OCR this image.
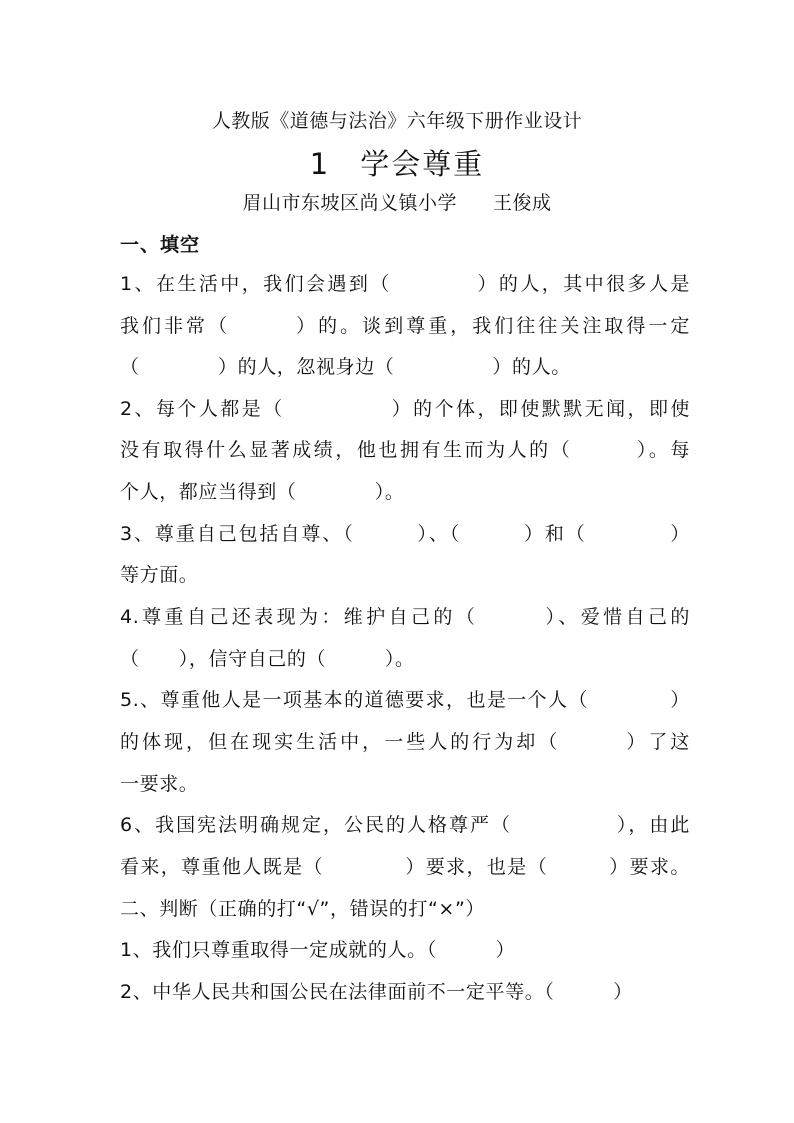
人教版《道德与法治》六年级下册作业设计
1 学会尊重
眉山市东坡区尚义镇小学 王俊成
一、填空
1、在生活中，我们会遇到（　　　　）的人，其中很多人是
我们非常（　　　）的。谈到尊重，我们往往关注取得一定
（　　　　）的人，忽视身边（　　　　　）的人。
2、每个人都是（　　　　　）的个体，即使默默无闻，即使
没有取得什么显著成绩，他也拥有生而为人的（　　　）。每
个人，都应当得到（　　　　）。
3、尊重自己包括自尊、（　　　）、（　　　）和（　　　　）
等方面。
4.尊重自己还表现为：维护自己的（　　　）、爱惜自己的
（　　），信守自己的（　　　）。
5.、尊重他人是一项基本的道德要求，也是一个人（　　　　）
的体现，但在现实生活中，一些人的行为却（　　　）了这
一要求。
6、我国宪法明确规定，公民的人格尊严（　　　　　），由此
看来，尊重他人既是（　　　　）要求，也是（　　　）要求。
二、判断（正确的打“√”，错误的打“×”）
1、我们只尊重取得一定成就的人。（　　　）
2、中华人民共和国公民在法律面前不一定平等。（　　　）
